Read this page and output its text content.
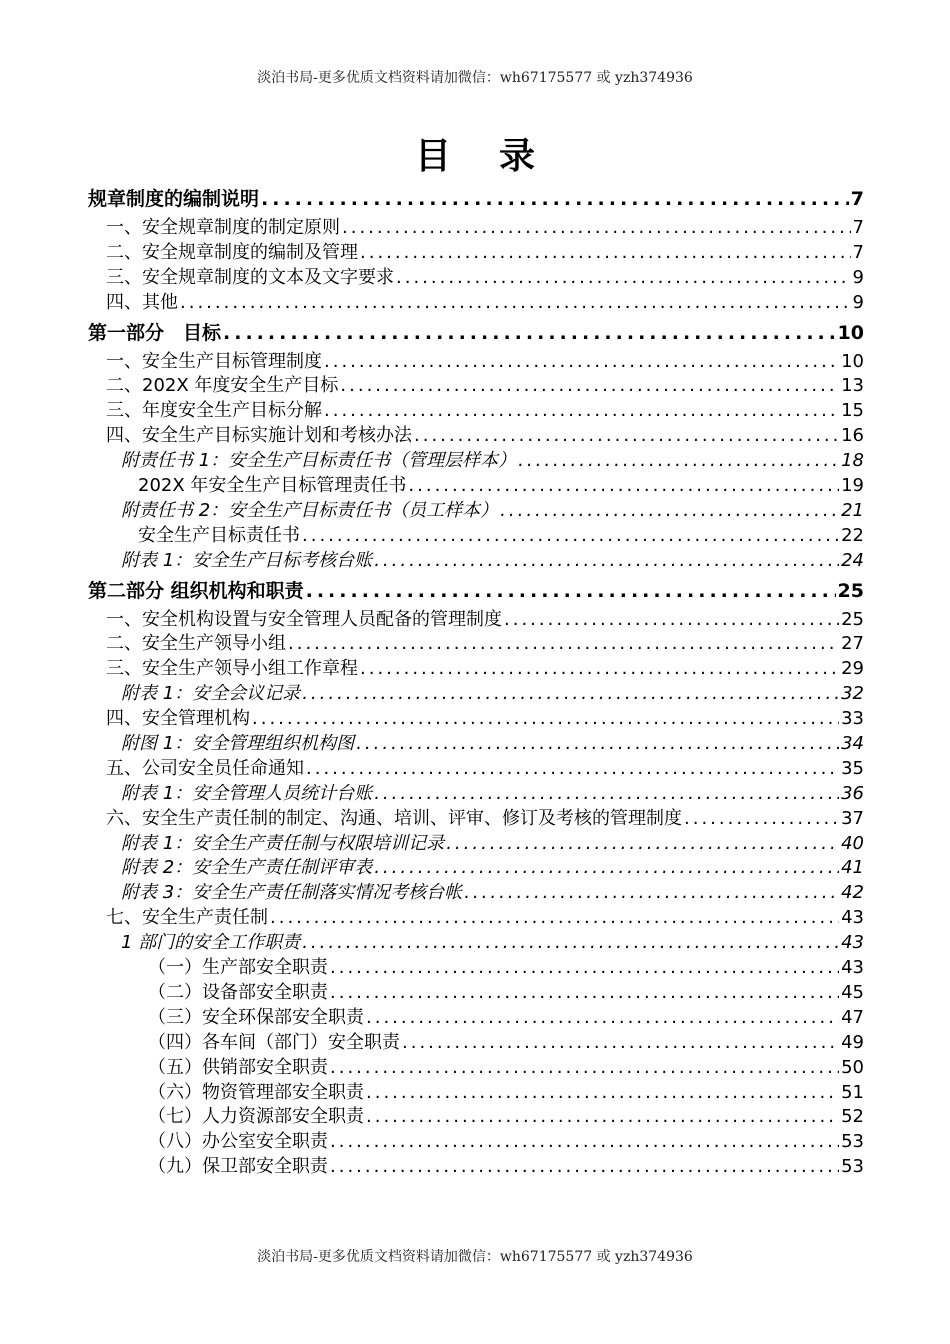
淡泊书局-更多优质文档资料请加微信：wh67175577 或 yzh374936
目录
规章制度的编制说明 .....	7
一、安全规章制度的制定原则 .....	7
二、安全规章制度的编制及管理 .....	7
三、安全规章制度的文本及文字要求 .....	9
四、其他 .....	9
第一部分　目标 .....	10
一、安全生产目标管理制度 .....	10
二、202X 年度安全生产目标 .....	13
三、年度安全生产目标分解 .....	15
四、安全生产目标实施计划和考核办法 .....	16
附责任书 1：安全生产目标责任书（管理层样本） .....	18
202X 年安全生产目标管理责任书 .....	19
附责任书 2：安全生产目标责任书（员工样本） .....	21
安全生产目标责任书 .....	22
附表 1：安全生产目标考核台账 .....	24
第二部分 组织机构和职责 .....	25
一、安全机构设置与安全管理人员配备的管理制度 .....	25
二、安全生产领导小组 .....	27
三、安全生产领导小组工作章程 .....	29
附表 1：安全会议记录 .....	32
四、安全管理机构 .....	33
附图 1：安全管理组织机构图 .....	34
五、公司安全员任命通知 .....	35
附表 1：安全管理人员统计台账 .....	36
六、安全生产责任制的制定、沟通、培训、评审、修订及考核的管理制度 .....	37
附表 1：安全生产责任制与权限培训记录 .....	40
附表 2：安全生产责任制评审表 .....	41
附表 3：安全生产责任制落实情况考核台帐 .....	42
七、安全生产责任制 .....	43
1 部门的安全工作职责 .....	43
（一）生产部安全职责 .....	43
（二）设备部安全职责 .....	45
（三）安全环保部安全职责 .....	47
（四）各车间（部门）安全职责 .....	49
（五）供销部安全职责 .....	50
（六）物资管理部安全职责 .....	51
（七）人力资源部安全职责 .....	52
（八）办公室安全职责 .....	53
（九）保卫部安全职责 .....	53
淡泊书局-更多优质文档资料请加微信：wh67175577 或 yzh374936
